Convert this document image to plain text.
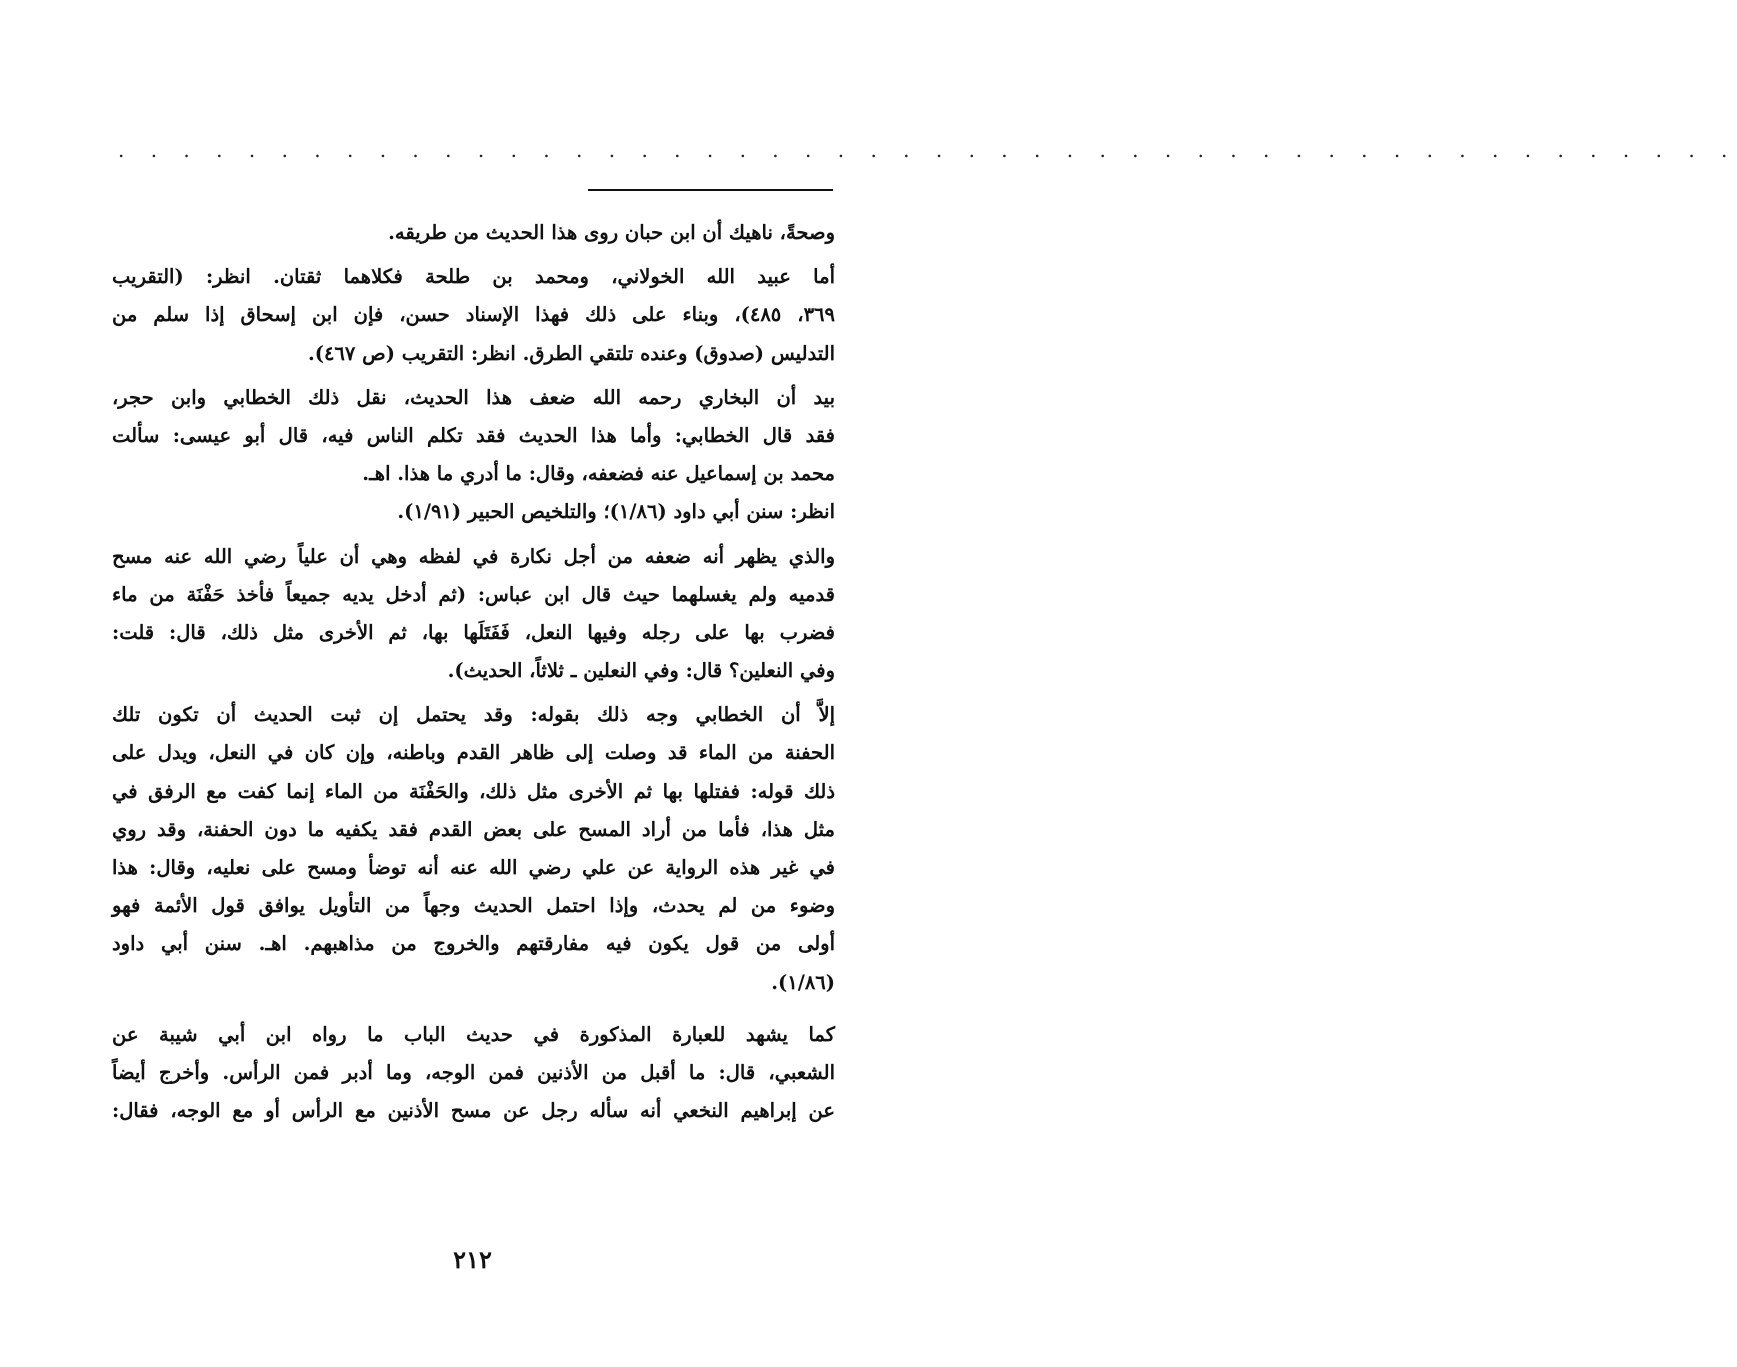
. . . . . . . . . . . . . . . . . . . . . . . . . . . . . . . . . . . . . . . . . . . . . . . . . .
وصحةً، ناهيك أن ابن حبان روى هذا الحديث من طريقه.
أما عبيد الله الخولاني، ومحمد بن طلحة فكلاهما ثقتان. انظر: (التقريب
٣٦٩، ٤٨٥)، وبناء على ذلك فهذا الإسناد حسن، فإن ابن إسحاق إذا سلم من
التدليس (صدوق) وعنده تلتقي الطرق. انظر: التقريب (ص ٤٦٧).
بيد أن البخاري رحمه الله ضعف هذا الحديث، نقل ذلك الخطابي وابن حجر،
فقد قال الخطابي: وأما هذا الحديث فقد تكلم الناس فيه، قال أبو عيسى: سألت
محمد بن إسماعيل عنه فضعفه، وقال: ما أدري ما هذا. اهـ.
انظر: سنن أبي داود (١/٨٦)؛ والتلخيص الحبير (١/٩١).
والذي يظهر أنه ضعفه من أجل نكارة في لفظه وهي أن علياً رضي الله عنه مسح
قدميه ولم يغسلهما حيث قال ابن عباس: (ثم أدخل يديه جميعاً فأخذ حَفْنَة من ماء
فضرب بها على رجله وفيها النعل، فَفَتَلَها بها، ثم الأخرى مثل ذلك، قال: قلت:
وفي النعلين؟ قال: وفي النعلين ـ ثلاثاً، الحديث).
إلاَّ أن الخطابي وجه ذلك بقوله: وقد يحتمل إن ثبت الحديث أن تكون تلك
الحفنة من الماء قد وصلت إلى ظاهر القدم وباطنه، وإن كان في النعل، ويدل على
ذلك قوله: ففتلها بها ثم الأخرى مثل ذلك، والحَفْنَة من الماء إنما كفت مع الرفق في
مثل هذا، فأما من أراد المسح على بعض القدم فقد يكفيه ما دون الحفنة، وقد روي
في غير هذه الرواية عن علي رضي الله عنه أنه توضأ ومسح على نعليه، وقال: هذا
وضوء من لم يحدث، وإذا احتمل الحديث وجهاً من التأويل يوافق قول الأئمة فهو
أولى من قول يكون فيه مفارقتهم والخروج من مذاهبهم. اهـ. سنن أبي داود
(١/٨٦).
كما يشهد للعبارة المذكورة في حديث الباب ما رواه ابن أبي شيبة عن
الشعبي، قال: ما أقبل من الأذنين فمن الوجه، وما أدبر فمن الرأس. وأخرج أيضاً
عن إبراهيم النخعي أنه سأله رجل عن مسح الأذنين مع الرأس أو مع الوجه، فقال:
٢١٢
